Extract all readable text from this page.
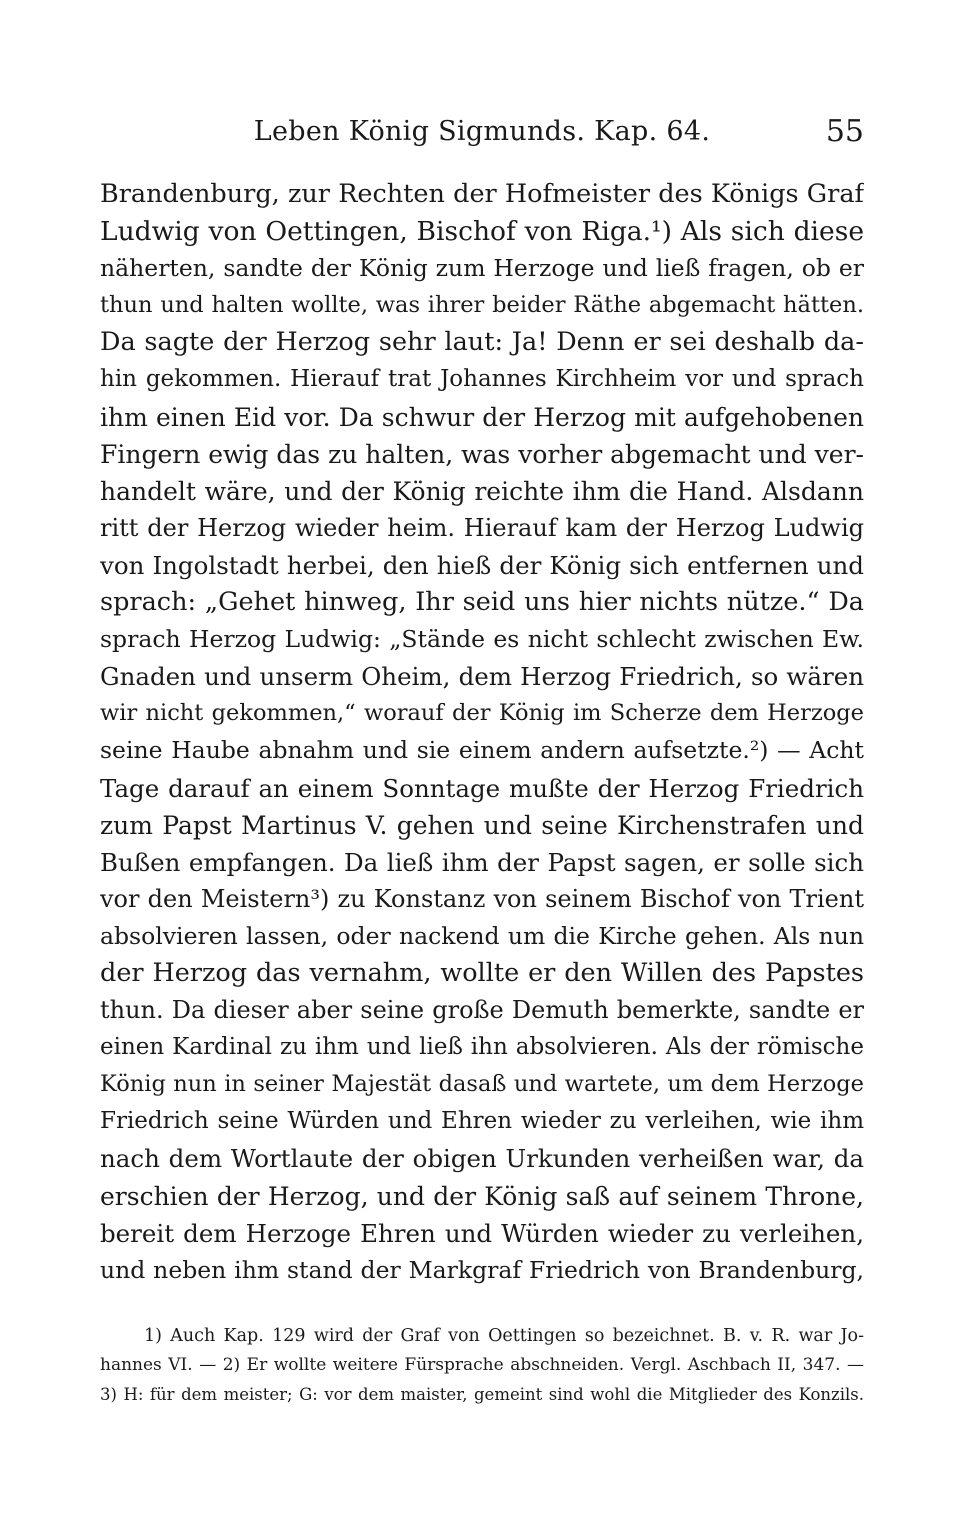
Leben König Sigmunds. Kap. 64.	55
Brandenburg, zur Rechten der Hofmeister des Königs Graf
Ludwig von Oettingen, Bischof von Riga.¹) Als sich diese
näherten, sandte der König zum Herzoge und ließ fragen, ob er
thun und halten wollte, was ihrer beider Räthe abgemacht hätten.
Da sagte der Herzog sehr laut: Ja! Denn er sei deshalb da-
hin gekommen. Hierauf trat Johannes Kirchheim vor und sprach
ihm einen Eid vor. Da schwur der Herzog mit aufgehobenen
Fingern ewig das zu halten, was vorher abgemacht und ver-
handelt wäre, und der König reichte ihm die Hand. Alsdann
ritt der Herzog wieder heim. Hierauf kam der Herzog Ludwig
von Ingolstadt herbei, den hieß der König sich entfernen und
sprach: „Gehet hinweg, Ihr seid uns hier nichts nütze.“ Da
sprach Herzog Ludwig: „Stände es nicht schlecht zwischen Ew.
Gnaden und unserm Oheim, dem Herzog Friedrich, so wären
wir nicht gekommen,“ worauf der König im Scherze dem Herzoge
seine Haube abnahm und sie einem andern aufsetzte.²) — Acht
Tage darauf an einem Sonntage mußte der Herzog Friedrich
zum Papst Martinus V. gehen und seine Kirchenstrafen und
Bußen empfangen. Da ließ ihm der Papst sagen, er solle sich
vor den Meistern³) zu Konstanz von seinem Bischof von Trient
absolvieren lassen, oder nackend um die Kirche gehen. Als nun
der Herzog das vernahm, wollte er den Willen des Papstes
thun. Da dieser aber seine große Demuth bemerkte, sandte er
einen Kardinal zu ihm und ließ ihn absolvieren. Als der römische
König nun in seiner Majestät dasaß und wartete, um dem Herzoge
Friedrich seine Würden und Ehren wieder zu verleihen, wie ihm
nach dem Wortlaute der obigen Urkunden verheißen war, da
erschien der Herzog, und der König saß auf seinem Throne,
bereit dem Herzoge Ehren und Würden wieder zu verleihen,
und neben ihm stand der Markgraf Friedrich von Brandenburg,
1) Auch Kap. 129 wird der Graf von Oettingen so bezeichnet. B. v. R. war Jo-
hannes VI. — 2) Er wollte weitere Fürsprache abschneiden. Vergl. Aschbach II, 347. —
3) H: für dem meister; G: vor dem maister, gemeint sind wohl die Mitglieder des Konzils.
